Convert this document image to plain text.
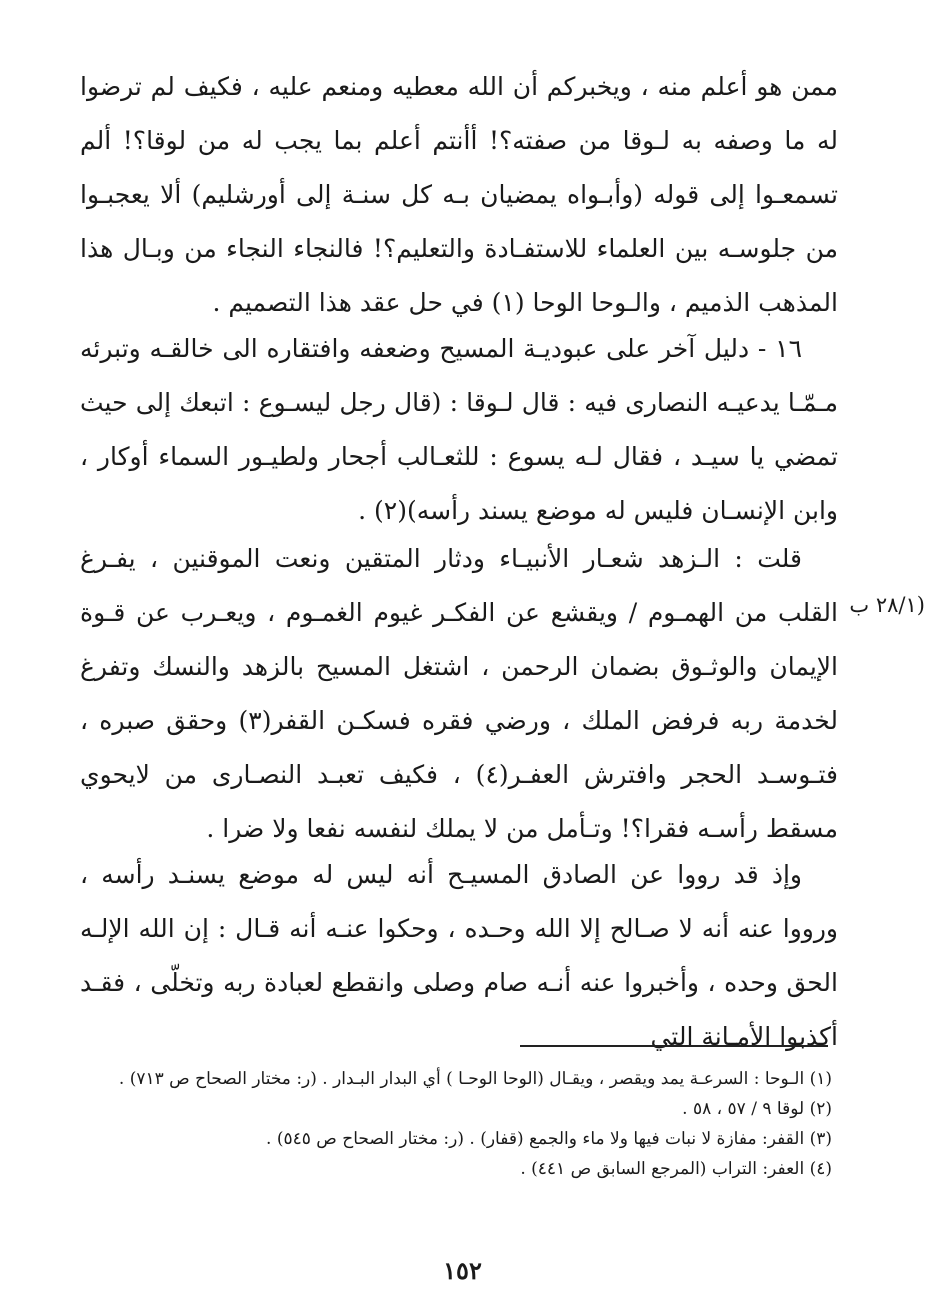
ممن هو أعلم منه ، ويخبركم أن الله معطيه ومنعم عليه ، فكيف لم ترضوا له ما وصفه به لـوقا من صفته؟! أأنتم أعلم بما يجب له من لوقا؟! ألم تسمعـوا إلى قوله (وأبـواه يمضيان بـه كل سنـة إلى أورشليم) ألا يعجبـوا من جلوسـه بين العلماء للاستفـادة والتعليم؟! فالنجاء النجاء من وبـال هذا المذهب الذميم ، والـوحا الوحا (١) في حل عقد هذا التصميم .

١٦ - دليل آخر على عبوديـة المسيح وضعفه وافتقاره الى خالقـه وتبرئه مـمّـا يدعيـه النصارى فيه : قال لـوقا : (قال رجل ليسـوع : اتبعك إلى حيث تمضي يا سيـد ، فقال لـه يسوع : للثعـالب أجحار ولطيـور السماء أوكار ، وابن الإنسـان فليس له موضع يسند رأسه)(٢) .

قلت : الـزهد شعـار الأنبيـاء ودثار المتقين ونعت الموقنين ، يفـرغ القلب من الهمـوم / ويقشع عن الفكـر غيوم الغمـوم ، ويعـرب عن قـوة الإيمان والوثـوق بضمان الرحمن ، اشتغل المسيح بالزهد والنسك وتفرغ لخدمة ربه فرفض الملك ، ورضي فقره فسكـن القفر(٣) وحقق صبره ، فتـوسـد الحجر وافترش العفـر(٤) ، فكيف تعبـد النصـارى من لايحوي مسقط رأسـه فقرا؟! وتـأمل من لا يملك لنفسه نفعا ولا ضرا .

(٢٨/١ ب

وإذ قد رووا عن الصادق المسيـح أنه ليس له موضع يسنـد رأسه ، ورووا عنه أنه لا صـالح إلا الله وحـده ، وحكوا عنـه أنه قـال : إن الله الإلـه الحق وحده ، وأخبروا عنه أنـه صام وصلى وانقطع لعبادة ربه وتخلّى ، فقـد أكذبوا الأمـانة التي

(١) الـوحا : السرعـة يمد ويقصر ، ويقـال (الوحا الوحـا ) أي البدار البـدار . (ر: مختار الصحاح ص ٧١٣) .
(٢) لوقا ٩ / ٥٧ ، ٥٨ .
(٣) القفر: مفازة لا نبات فيها ولا ماء والجمع (قفار) . (ر: مختار الصحاح ص ٥٤٥) .
(٤) العفر: التراب (المرجع السابق ص ٤٤١) .
١٥٢
